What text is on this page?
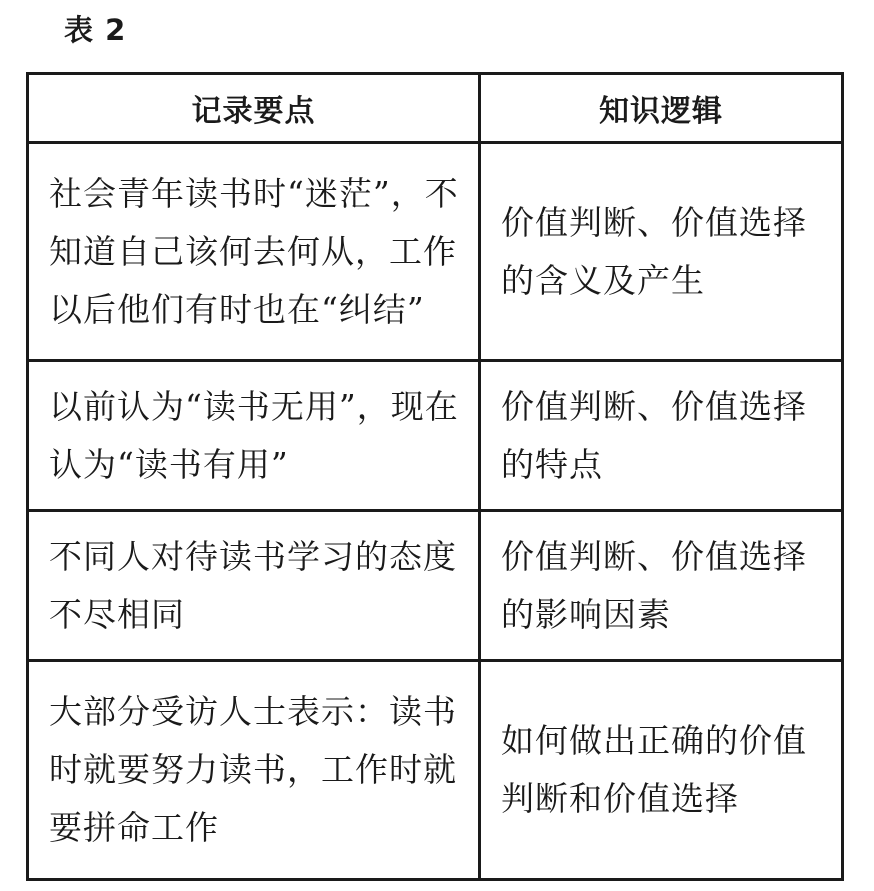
表 2
记录要点	知识逻辑

社会青年读书时“迷茫”，不知道自己该何去何从，工作以后他们有时也在“纠结”	价值判断、价值选择的含义及产生

以前认为“读书无用”，现在认为“读书有用”	价值判断、价值选择的特点

不同人对待读书学习的态度不尽相同	价值判断、价值选择的影响因素

大部分受访人士表示：读书时就要努力读书，工作时就要拼命工作	如何做出正确的价值判断和价值选择
